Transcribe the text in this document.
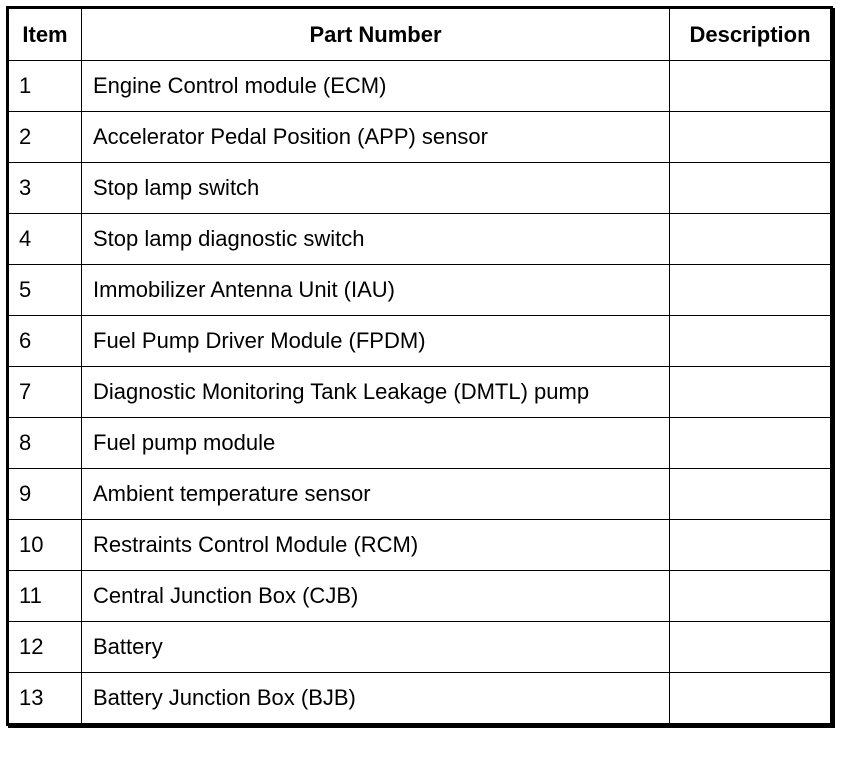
Item	Part Number	Description
1	Engine Control module (ECM)	
2	Accelerator Pedal Position (APP) sensor	
3	Stop lamp switch	
4	Stop lamp diagnostic switch	
5	Immobilizer Antenna Unit (IAU)	
6	Fuel Pump Driver Module (FPDM)	
7	Diagnostic Monitoring Tank Leakage (DMTL) pump	
8	Fuel pump module	
9	Ambient temperature sensor	
10	Restraints Control Module (RCM)	
11	Central Junction Box (CJB)	
12	Battery	
13	Battery Junction Box (BJB)	
